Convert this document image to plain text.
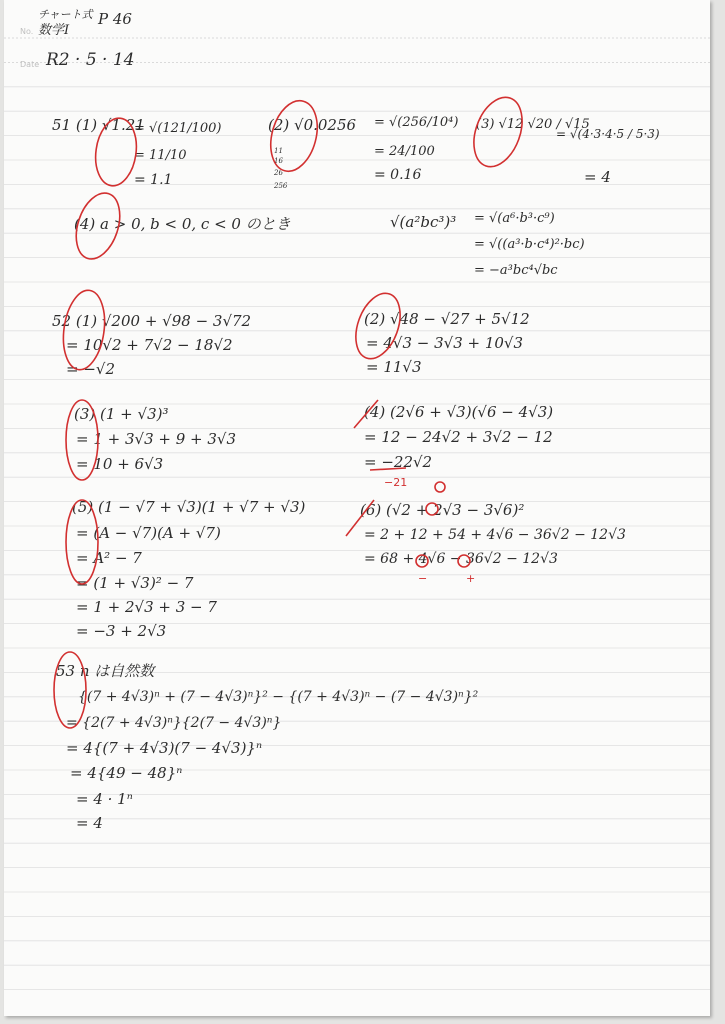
No.
Date
チャート式
数学Ⅰ
P 46
R2 · 5 · 14
51 (1) √1.21
= √(121/100)
= 11/10
= 1.1
11
16
26
256
(2) √0.0256 = √(256/10⁴)
= 24/100
= 0.16
(3) √12 √20 / √15
= √(4·3·4·5 / 5·3)
= 4
(4) a > 0, b < 0, c < 0 のとき	√(a²bc³)³ = √(a⁶·b³·c⁹)
= √((a³·b·c⁴)²·bc)
= −a³bc⁴√bc
52 (1) √200 + √98 − 3√72
= 10√2 + 7√2 − 18√2
= −√2
(2) √48 − √27 + 5√12
= 4√3 − 3√3 + 10√3
= 11√3
(3) (1 + √3)³
= 1 + 3√3 + 9 + 3√3
= 10 + 6√3
(4) (2√6 + √3)(√6 − 4√3)
= 12 − 24√2 + 3√2 − 12
= −22√2
−21
(5) (1 − √7 + √3)(1 + √7 + √3)
= (A − √7)(A + √7)
= A² − 7
= (1 + √3)² − 7
= 1 + 2√3 + 3 − 7
= −3 + 2√3
(6) (√2 + 2√3 − 3√6)²
= 2 + 12 + 54 + 4√6 − 36√2 − 12√3
= 68 + 4√6 − 36√2 − 12√3
−	+
53 n は自然数
{(7 + 4√3)ⁿ + (7 − 4√3)ⁿ}² − {(7 + 4√3)ⁿ − (7 − 4√3)ⁿ}²
= {2(7 + 4√3)ⁿ}{2(7 − 4√3)ⁿ}
= 4{(7 + 4√3)(7 − 4√3)}ⁿ
= 4{49 − 48}ⁿ
= 4 · 1ⁿ
= 4
